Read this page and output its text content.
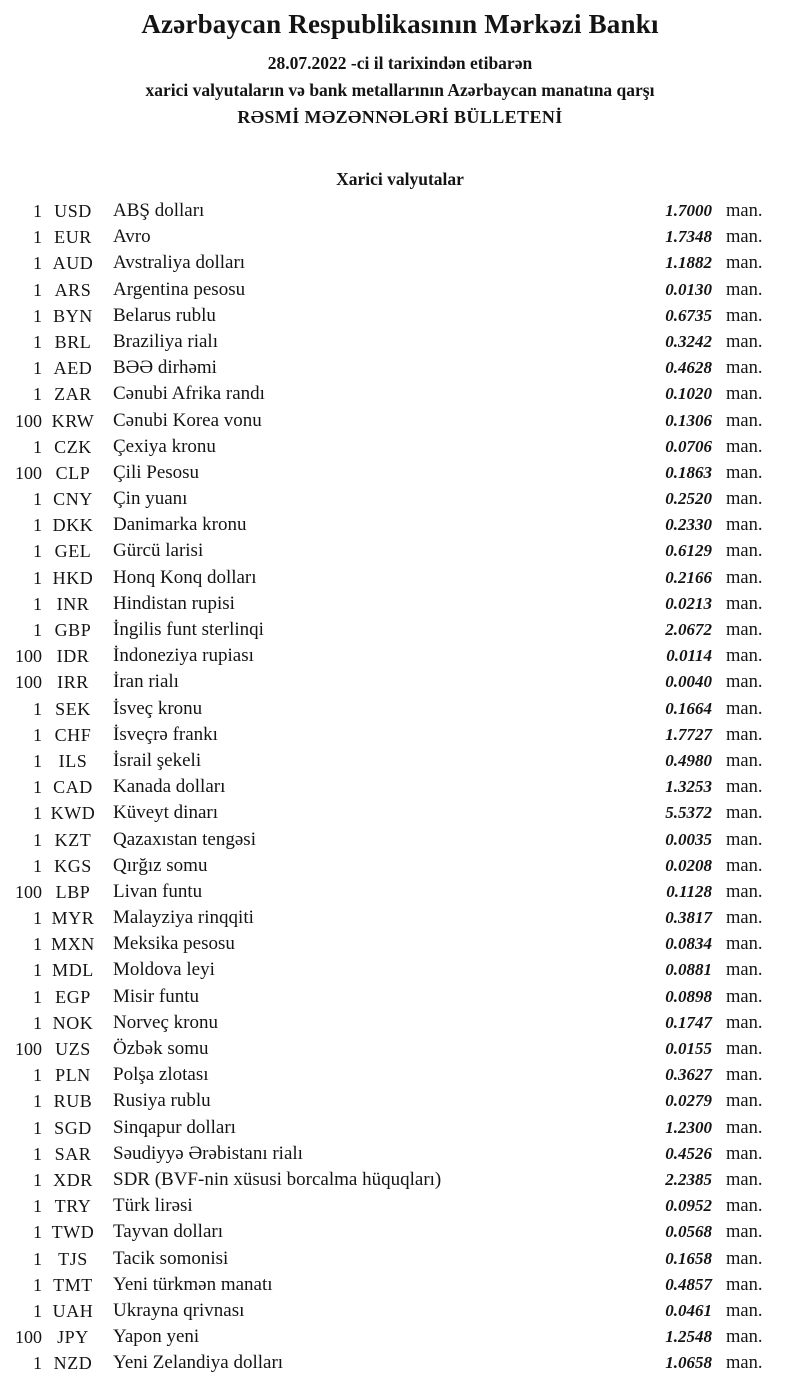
Azərbaycan Respublikasının Mərkəzi Bankı
28.07.2022 -ci il tarixindən etibarən
xarici valyutaların və bank metallarının Azərbaycan manatına qarşı
RƏSMİ MƏZƏNNƏLƏRİ BÜLLETENİ
Xarici valyutalar
1 USD	ABŞ dolları	1.7000 man.
1 EUR	Avro	1.7348 man.
1 AUD	Avstraliya dolları	1.1882 man.
1 ARS	Argentina pesosu	0.0130 man.
1 BYN	Belarus rublu	0.6735 man.
1 BRL	Braziliya rialı	0.3242 man.
1 AED	BƏƏ dirhəmi	0.4628 man.
1 ZAR	Cənubi Afrika randı	0.1020 man.
100 KRW Cənubi Korea vonu	0.1306 man.
1 CZK	Çexiya kronu	0.0706 man.
100 CLP	Çili Pesosu	0.1863 man.
1 CNY	Çin yuanı	0.2520 man.
1 DKK	Danimarka kronu	0.2330 man.
1 GEL	Gürcü larisi	0.6129 man.
1 HKD	Honq Konq dolları	0.2166 man.
1 INR	Hindistan rupisi	0.0213 man.
1 GBP	İngilis funt sterlinqi	2.0672 man.
100 IDR	İndoneziya rupiası	0.0114 man.
100 IRR	İran rialı	0.0040 man.
1 SEK	İsveç kronu	0.1664 man.
1 CHF	İsveçrə frankı	1.7727 man.
1 ILS	İsrail şekeli	0.4980 man.
1 CAD	Kanada dolları	1.3253 man.
1 KWD Küveyt dinarı	5.5372 man.
1 KZT	Qazaxıstan tengəsi	0.0035 man.
1 KGS	Qırğız somu	0.0208 man.
100 LBP	Livan funtu	0.1128 man.
1 MYR Malayziya rinqqiti	0.3817 man.
1 MXN Meksika pesosu	0.0834 man.
1 MDL	Moldova leyi	0.0881 man.
1 EGP	Misir funtu	0.0898 man.
1 NOK	Norveç kronu	0.1747 man.
100 UZS	Özbək somu	0.0155 man.
1 PLN	Polşa zlotası	0.3627 man.
1 RUB	Rusiya rublu	0.0279 man.
1 SGD	Sinqapur dolları	1.2300 man.
1 SAR	Səudiyyə Ərəbistanı rialı	0.4526 man.
1 XDR	SDR (BVF-nin xüsusi borcalma hüquqları)	2.2385 man.
1 TRY	Türk lirəsi	0.0952 man.
1 TWD Tayvan dolları	0.0568 man.
1 TJS	Tacik somonisi	0.1658 man.
1 TMT	Yeni türkmən manatı	0.4857 man.
1 UAH	Ukrayna qrivnası	0.0461 man.
100 JPY	Yapon yeni	1.2548 man.
1 NZD	Yeni Zelandiya dolları	1.0658 man.
